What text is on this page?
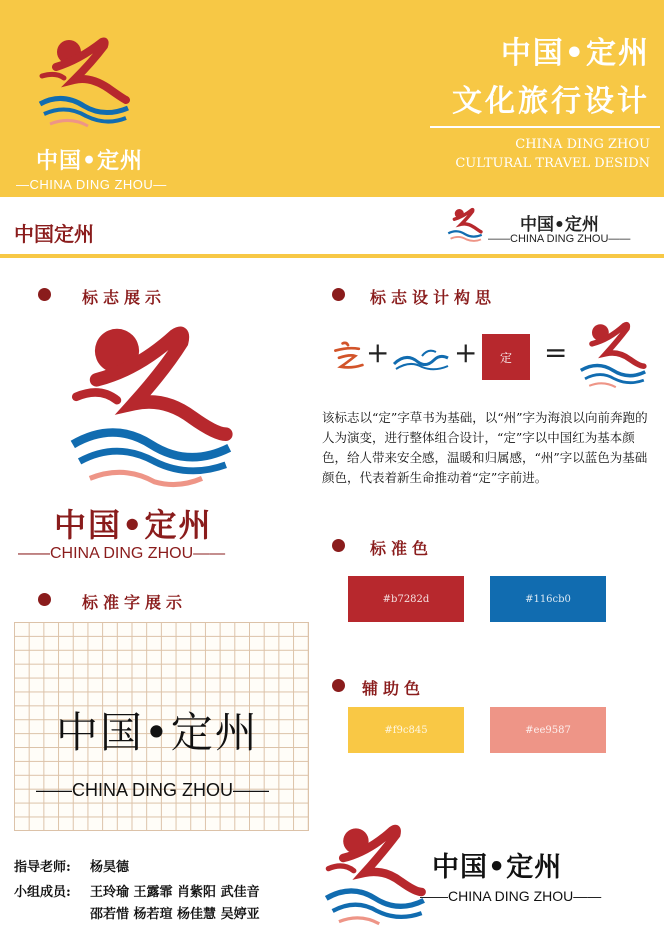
中国•定州
—CHINA DING ZHOU—
中国•定州
文化旅行设计
CHINA DING ZHOU
CULTURAL TRAVEL DESIDN
中国定州	中国•定州
——CHINA DING ZHOU——
标志展示
中国•定州
——CHINA DING ZHOU——
标准字展示
中国•定州
——CHINA DING ZHOU——
指导老师: 杨昊德
小组成员: 王玲瑜 王露霏 肖紫阳 武佳音
邵若惜 杨若瑄 杨佳慧 吴婷亚
标志设计构思
+ + 定 =
该标志以“定”字草书为基础，以“州”字为海浪以向前奔跑的人为演变，进行整体组合设计，“定”字以中国红为基本颜色，给人带来安全感，温暖和归属感，“州”字以蓝色为基础颜色，代表着新生命推动着“定”字前进。
标准色
#b7282d	#116cb0
辅助色
#f9c845	#ee9587
中国•定州
——CHINA DING ZHOU——
